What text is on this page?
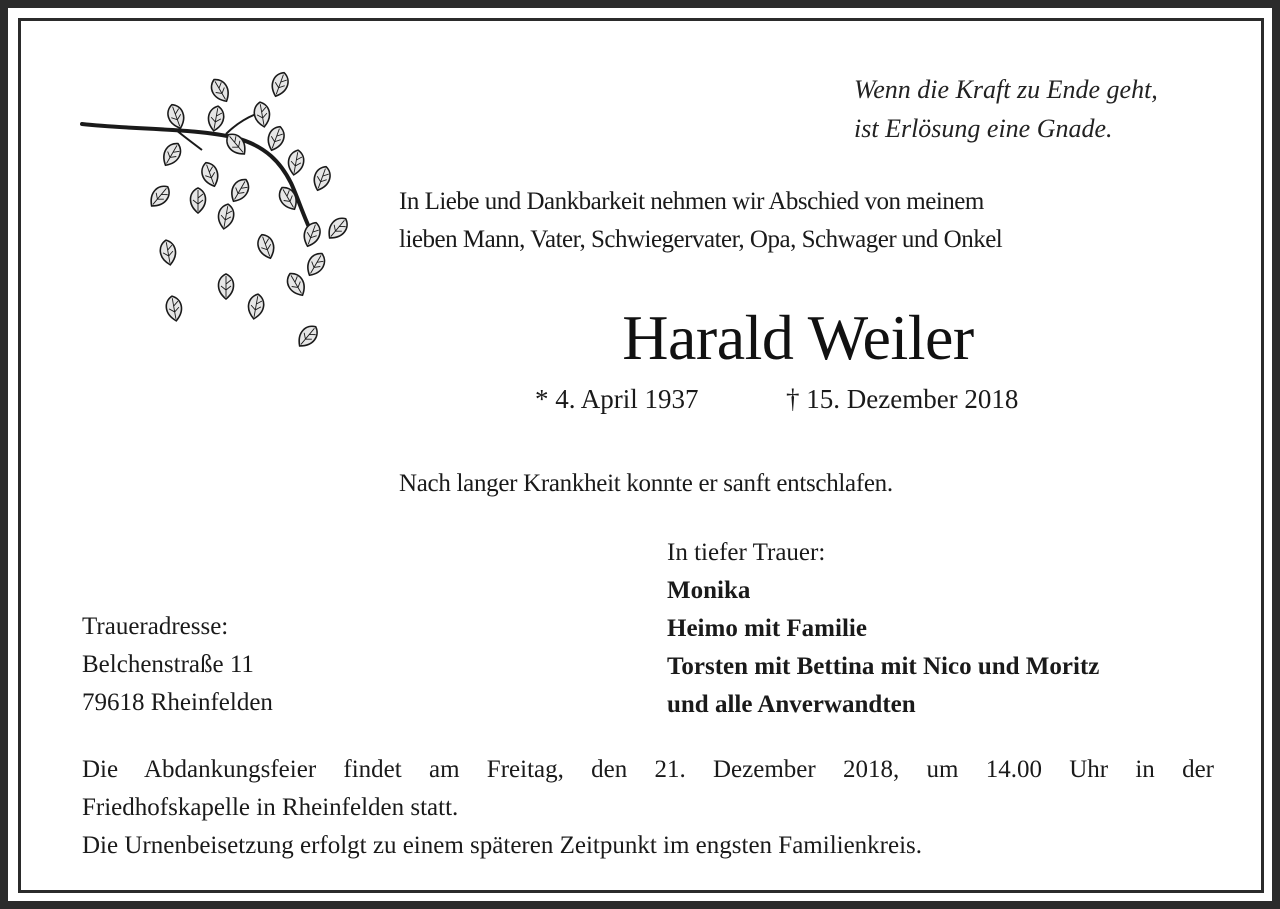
Wenn die Kraft zu Ende geht,
ist Erlösung eine Gnade.
In Liebe und Dankbarkeit nehmen wir Abschied von meinem
lieben Mann, Vater, Schwiegervater, Opa, Schwager und Onkel
Harald Weiler
* 4. April 1937	† 15. Dezember 2018
Nach langer Krankheit konnte er sanft entschlafen.
In tiefer Trauer:
Monika
Heimo mit Familie
Torsten mit Bettina mit Nico und Moritz
und alle Anverwandten
Traueradresse:
Belchenstraße 11
79618 Rheinfelden
Die Abdankungsfeier findet am Freitag, den 21. Dezember 2018, um 14.00 Uhr in der
Friedhofskapelle in Rheinfelden statt.
Die Urnenbeisetzung erfolgt zu einem späteren Zeitpunkt im engsten Familienkreis.
